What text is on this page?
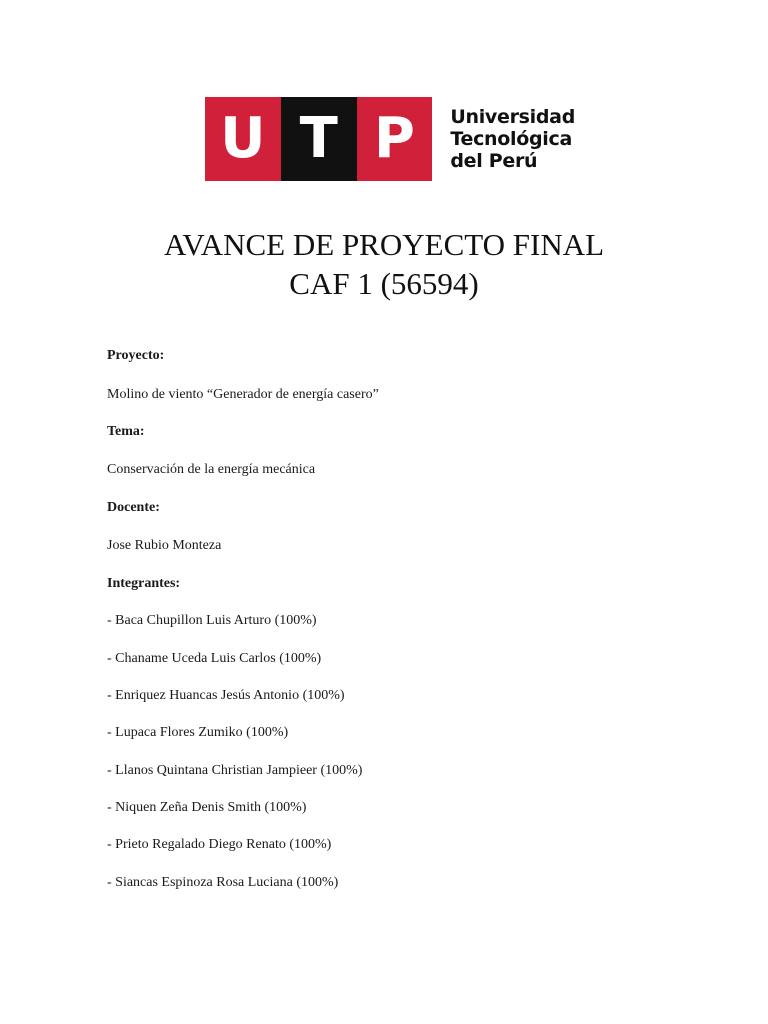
U T P	Universidad
Tecnológica
del Perú
AVANCE DE PROYECTO FINAL
CAF 1 (56594)
Proyecto:
Molino de viento “Generador de energía casero”
Tema:
Conservación de la energía mecánica
Docente:
Jose Rubio Monteza
Integrantes:
- Baca Chupillon Luis Arturo (100%)
- Chaname Uceda Luis Carlos (100%)
- Enriquez Huancas Jesús Antonio (100%)
- Lupaca Flores Zumiko (100%)
- Llanos Quintana Christian Jampieer (100%)
- Niquen Zeña Denis Smith (100%)
- Prieto Regalado Diego Renato (100%)
- Siancas Espinoza Rosa Luciana (100%)
